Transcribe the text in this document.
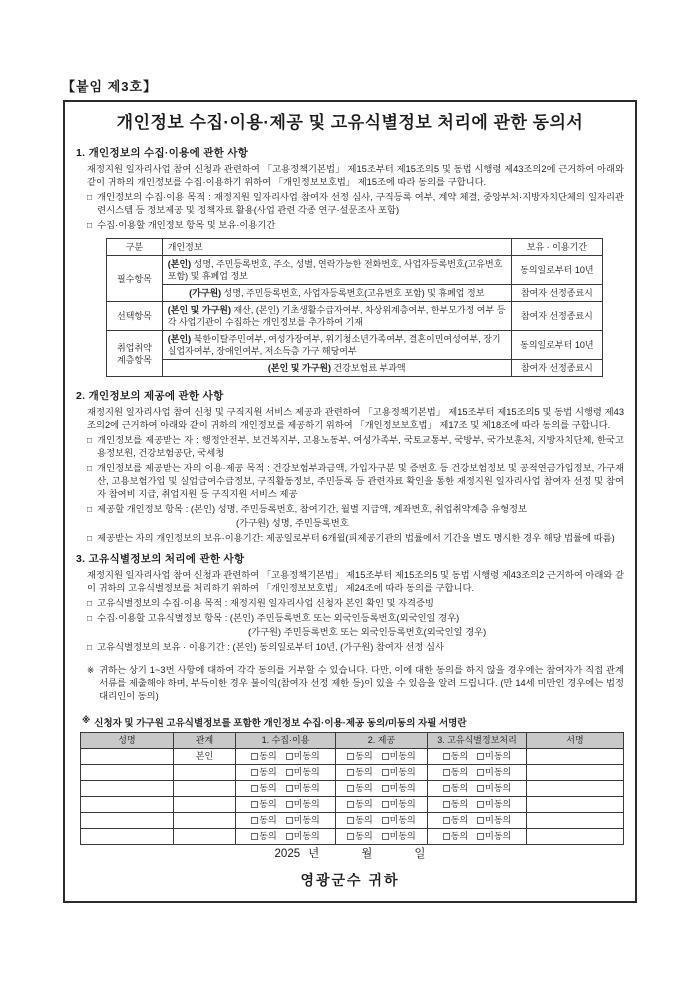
【붙임 제3호】
개인정보 수집·이용·제공 및 고유식별정보 처리에 관한 동의서
1. 개인정보의 수집·이용에 관한 사항
재정지원 일자리사업 참여 신청과 관련하여 「고용정책기본법」 제15조부터 제15조의5 및 동법 시행령 제43조의2에 근거하여 아래와 같이 귀하의 개인정보를 수집·이용하기 위하여 「개인정보보호법」 제15조에 따라 동의를 구합니다.
□ 개인정보의 수집·이용 목적 : 재정지원 일자리사업 참여자 선정 심사, 구직등록 여부, 계약 체결, 중앙부처·지방자치단체의 일자리관련시스템 등 정보제공 및 정책자료 활용(사업 관련 각종 연구·설문조사 포함)
□ 수집·이용할 개인정보 항목 및 보유·이용기간
구분	개인정보	보유 · 이용기간
필수항목	(본인) 성명, 주민등록번호, 주소, 성별, 연락가능한 전화번호, 사업자등록번호(고유번호 포함) 및 휴폐업 정보	동의일로부터 10년
	(가구원) 성명, 주민등록번호, 사업자등록번호(고유번호 포함) 및 휴폐업 정보	참여자 선정종료시
선택항목	(본인 및 가구원) 재산, (본인) 기초생활수급자여부, 차상위계층여부, 한부모가정 여부 등 각 사업기관이 수집하는 개인정보를 추가하여 기재	참여자 선정종료시
취업취약 계층항목	(본인) 북한이탈주민여부, 여성가장여부, 위기청소년가족여부, 결혼이민여성여부, 장기실업자여부, 장애인여부, 저소득층 가구 해당여부	동의일로부터 10년
	(본인 및 가구원) 건강보험료 부과액	참여자 선정종료시
2. 개인정보의 제공에 관한 사항
재정지원 일자리사업 참여 신청 및 구직지원 서비스 제공과 관련하여 「고용정책기본법」 제15조부터 제15조의5 및 동법 시행령 제43조의2에 근거하여 아래와 같이 귀하의 개인정보를 제공하기 위하여 「개인정보보호법」 제17조 및 제18조에 따라 동의를 구합니다.
□ 개인정보를 제공받는 자 : 행정안전부, 보건복지부, 고용노동부, 여성가족부, 국토교통부, 국방부, 국가보훈처, 지방자치단체, 한국고용정보원, 건강보험공단, 국세청
□ 개인정보를 제공받는 자의 이용·제공 목적 : 건강보험부과금액, 가입자구분 및 증번호 등 건강보험정보 및 공적연금가입정보, 가구재산, 고용보험가입 및 실업급여수급정보, 구직활동정보, 주민등록 등 관련자료 확인을 통한 재정지원 일자리사업 참여자 선정 및 참여자 참여비 지급, 취업지원 등 구직지원 서비스 제공
□ 제공할 개인정보 항목 : (본인) 성명, 주민등록번호, 참여기간, 월별 지급액, 계좌번호, 취업취약계층 유형정보
(가구원) 성명, 주민등록번호
□ 제공받는 자의 개인정보의 보유·이용기간: 제공일로부터 6개월(피제공기관의 법률에서 기간을 별도 명시한 경우 해당 법률에 따름)
3. 고유식별정보의 처리에 관한 사항
재정지원 일자리사업 참여 신청과 관련하여 「고용정책기본법」 제15조부터 제15조의5 및 동법 시행령 제43조의2 근거하여 아래와 같이 귀하의 고유식별정보를 처리하기 위하여 「개인정보보호법」 제24조에 따라 동의를 구합니다.
□ 고유식별정보의 수집·이용 목적 : 재정지원 일자리사업 신청자 본인 확인 및 자격증빙
□ 수집·이용할 고유식별정보 항목 : (본인) 주민등록번호 또는 외국인등록번호(외국인일 경우)
(가구원) 주민등록번호 또는 외국인등록번호(외국인일 경우)
□ 고유식별정보의 보유 · 이용기간 : (본인) 동의일로부터 10년, (가구원) 참여자 선정 심사
※ 귀하는 상기 1~3번 사항에 대하여 각각 동의를 거부할 수 있습니다. 다만, 이에 대한 동의를 하지 않을 경우에는 참여자가 직접 관계서류를 제출해야 하며, 부득이한 경우 불이익(참여자 선정 제한 등)이 있을 수 있음을 알려 드립니다. (만 14세 미만인 경우에는 법정대리인이 동의)
※ 신청자 및 가구원 고유식별정보를 포함한 개인정보 수집·이용·제공 동의/미동의 자필 서명란
성명	관계	1. 수집·이용	2. 제공	3. 고유식별정보처리	서명
	본인	동의 미동의	동의 미동의	동의 미동의	
		동의 미동의	동의 미동의	동의 미동의	
		동의 미동의	동의 미동의	동의 미동의	
		동의 미동의	동의 미동의	동의 미동의	
		동의 미동의	동의 미동의	동의 미동의	
		동의 미동의	동의 미동의	동의 미동의	
2025 년	월	일
영광군수 귀하
